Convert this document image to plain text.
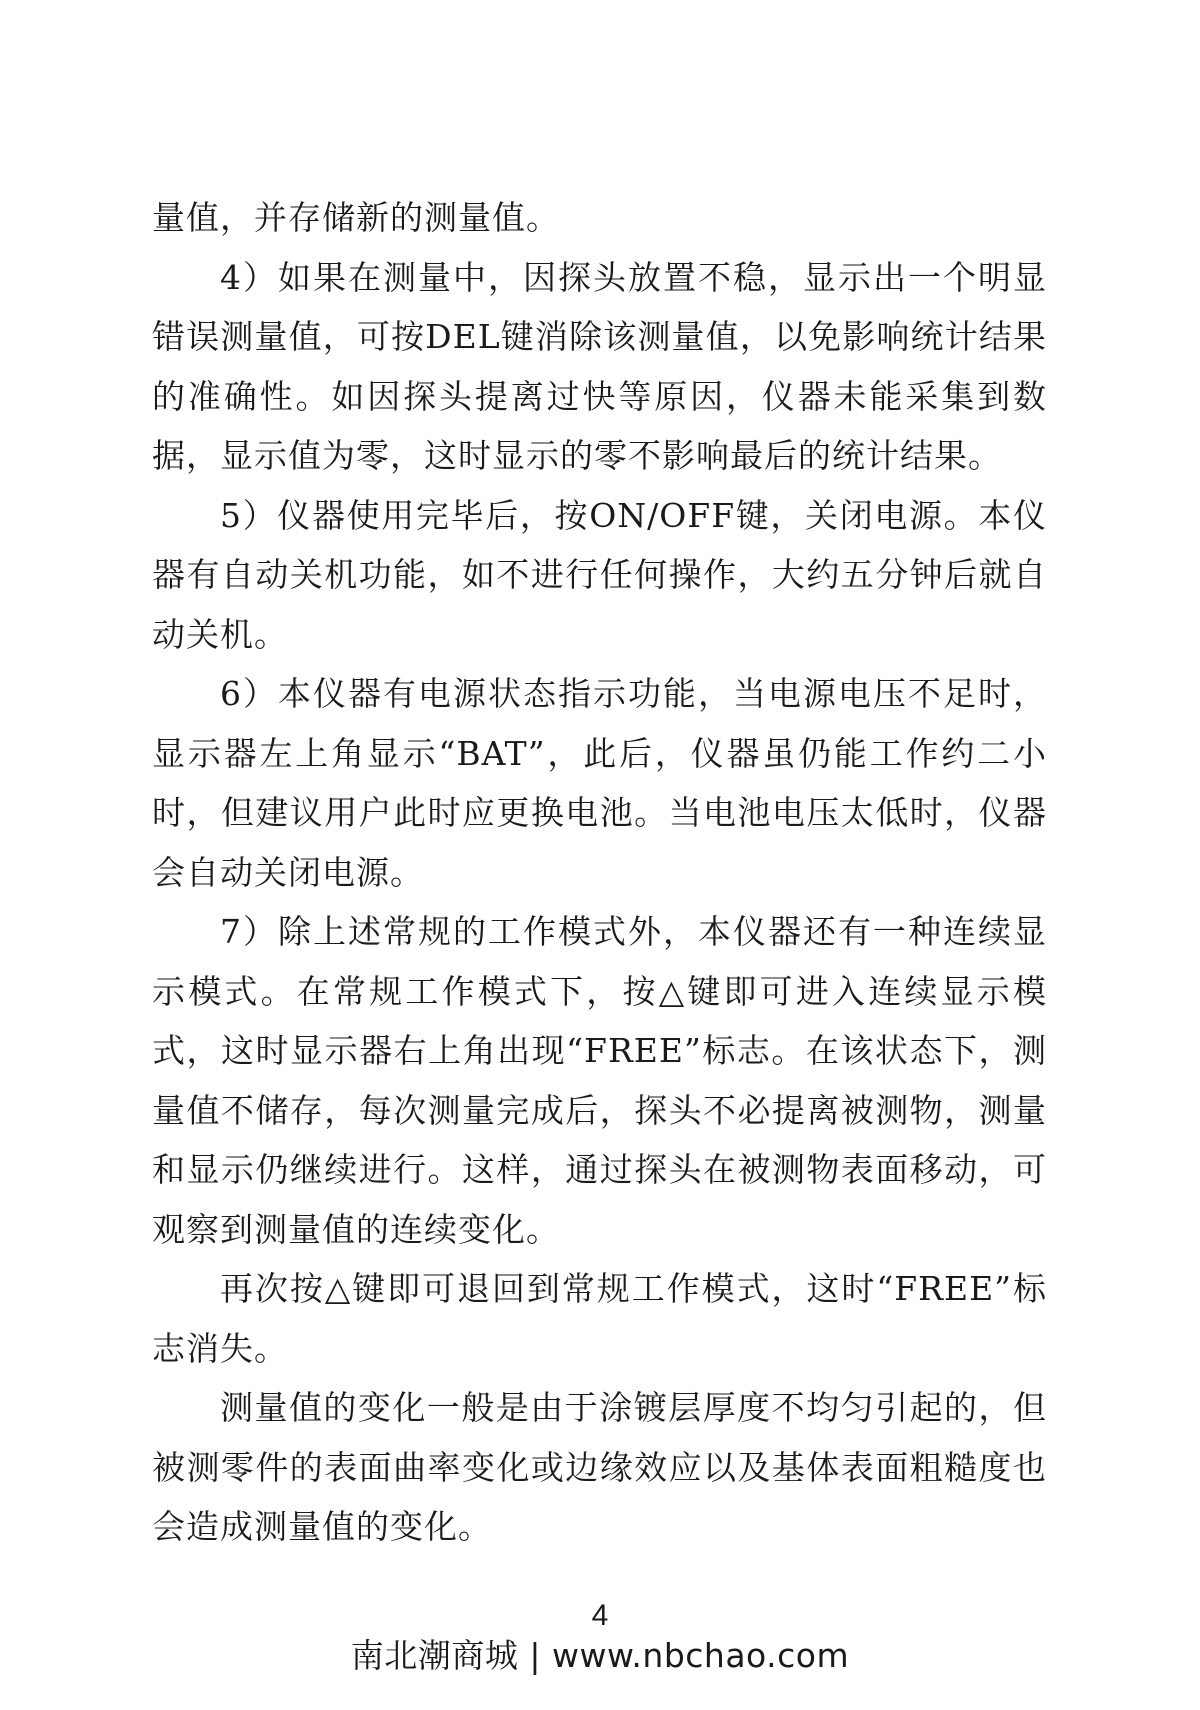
量值，并存储新的测量值。

4）如果在测量中，因探头放置不稳，显示出一个明显错误测量值，可按DEL键消除该测量值，以免影响统计结果的准确性。如因探头提离过快等原因，仪器未能采集到数据，显示值为零，这时显示的零不影响最后的统计结果。

5）仪器使用完毕后，按ON/OFF键，关闭电源。本仪器有自动关机功能，如不进行任何操作，大约五分钟后就自动关机。

6）本仪器有电源状态指示功能，当电源电压不足时，显示器左上角显示“BAT”，此后，仪器虽仍能工作约二小时，但建议用户此时应更换电池。当电池电压太低时，仪器会自动关闭电源。

7）除上述常规的工作模式外，本仪器还有一种连续显示模式。在常规工作模式下，按△键即可进入连续显示模式，这时显示器右上角出现“FREE”标志。在该状态下，测量值不储存，每次测量完成后，探头不必提离被测物，测量和显示仍继续进行。这样，通过探头在被测物表面移动，可观察到测量值的连续变化。

再次按△键即可退回到常规工作模式，这时“FREE”标志消失。

测量值的变化一般是由于涂镀层厚度不均匀引起的，但被测零件的表面曲率变化或边缘效应以及基体表面粗糙度也会造成测量值的变化。

4
南北潮商城 | www.nbchao.com
